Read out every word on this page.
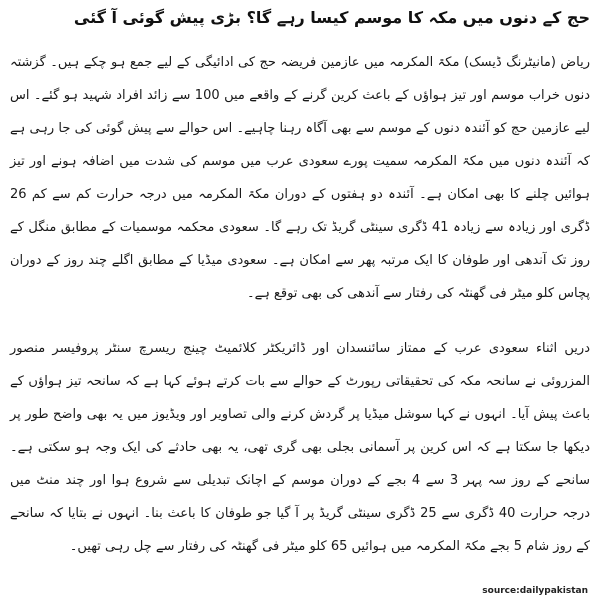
حج کے دنوں میں مکہ کا موسم کیسا رہے گا؟ بڑی پیش گوئی آ گئی

ریاض (مانیٹرنگ ڈیسک) مکۃ المکرمہ میں عازمین فریضہ حج کی ادائیگی کے لیے جمع ہو چکے ہیں۔ گزشتہ دنوں خراب موسم اور تیز ہواؤں کے باعث کرین گرنے کے واقعے میں 100 سے زائد افراد شہید ہو گئے۔ اس لیے عازمین حج کو آئندہ دنوں کے موسم سے بھی آگاہ رہنا چاہیے۔ اس حوالے سے پیش گوئی کی جا رہی ہے کہ آئندہ دنوں میں مکۃ المکرمہ سمیت پورے سعودی عرب میں موسم کی شدت میں اضافہ ہونے اور تیز ہوائیں چلنے کا بھی امکان ہے۔ آئندہ دو ہفتوں کے دوران مکۃ المکرمہ میں درجہ حرارت کم سے کم 26 ڈگری اور زیادہ سے زیادہ 41 ڈگری سینٹی گریڈ تک رہے گا۔ سعودی محکمہ موسمیات کے مطابق منگل کے روز تک آندھی اور طوفان کا ایک مرتبہ پھر سے امکان ہے۔ سعودی میڈیا کے مطابق اگلے چند روز کے دوران پچاس کلو میٹر فی گھنٹہ کی رفتار سے آندھی کی بھی توقع ہے۔

دریں اثناء سعودی عرب کے ممتاز سائنسدان اور ڈائریکٹر کلائمیٹ چینج ریسرچ سنٹر پروفیسر منصور المزروئی نے سانحہ مکہ کی تحقیقاتی رپورٹ کے حوالے سے بات کرتے ہوئے کہا ہے کہ سانحہ تیز ہواؤں کے باعث پیش آیا۔ انہوں نے کہا سوشل میڈیا پر گردش کرنے والی تصاویر اور ویڈیوز میں یہ بھی واضح طور پر دیکھا جا سکتا ہے کہ اس کرین پر آسمانی بجلی بھی گری تھی، یہ بھی حادثے کی ایک وجہ ہو سکتی ہے۔ سانحے کے روز سہ پہر 3 سے 4 بجے کے دوران موسم کے اچانک تبدیلی سے شروع ہوا اور چند منٹ میں درجہ حرارت 40 ڈگری سے 25 ڈگری سینٹی گریڈ پر آ گیا جو طوفان کا باعث بنا۔ انہوں نے بتایا کہ سانحے کے روز شام 5 بجے مکۃ المکرمہ میں ہوائیں 65 کلو میٹر فی گھنٹہ کی رفتار سے چل رہی تھیں۔

source:dailypakistan
